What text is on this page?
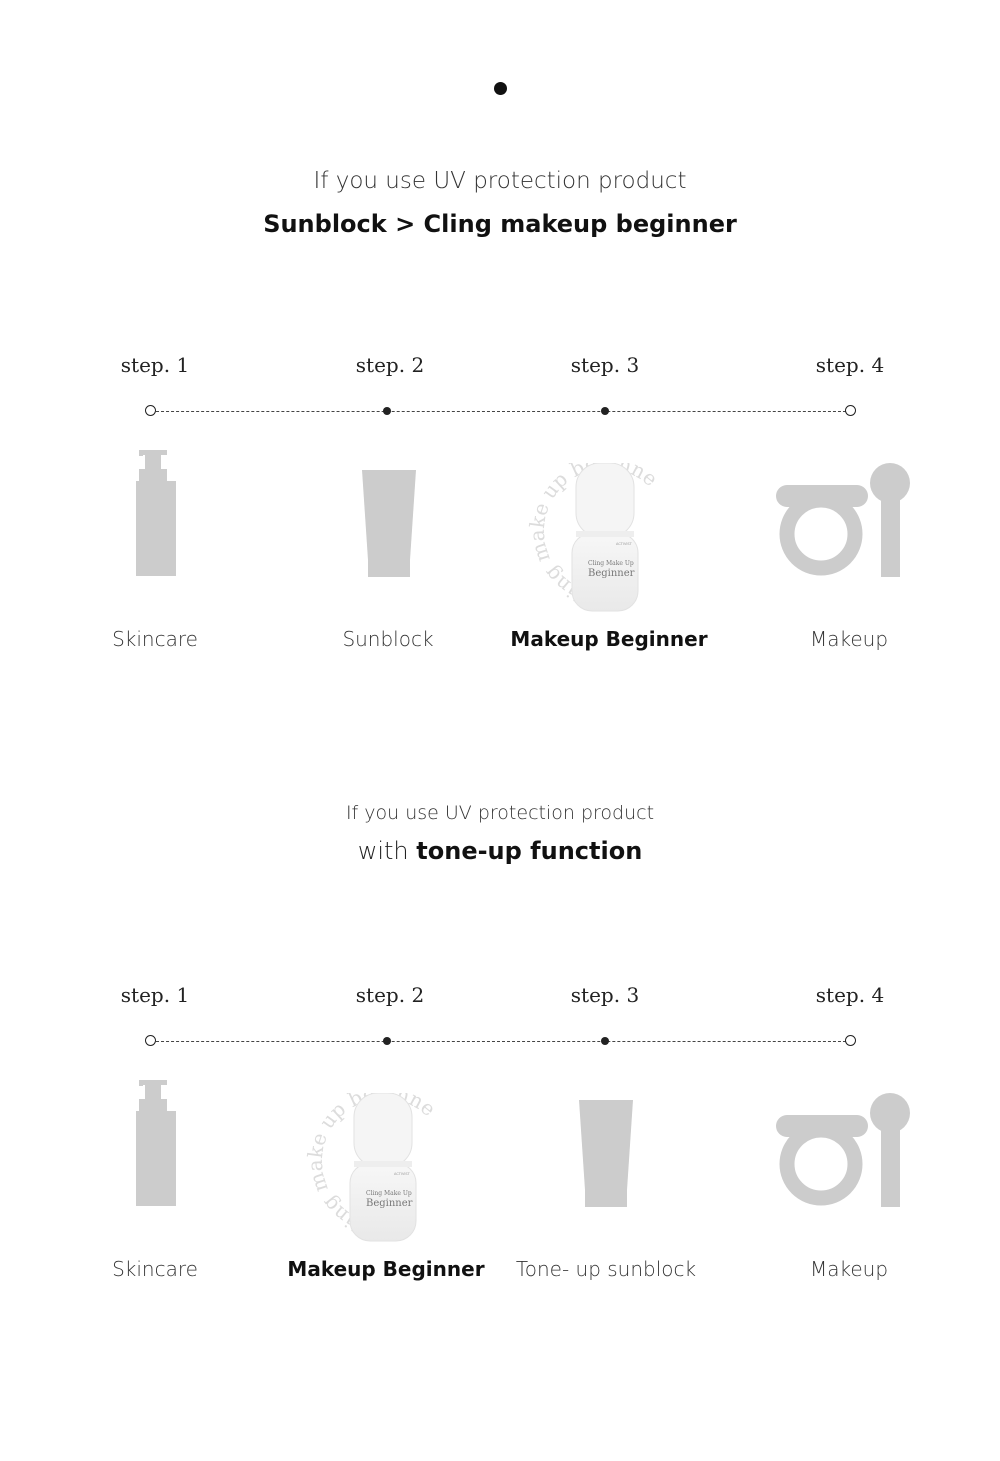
If you use UV protection product
Sunblock > Cling makeup beginner
step. 1	step. 2	step. 3	step. 4
Skincare	Sunblock	Makeup Beginner	Makeup
If you use UV protection product
with tone-up function
step. 1	step. 2	step. 3	step. 4
Skincare	Makeup Beginner	Tone- up sunblock	Makeup
